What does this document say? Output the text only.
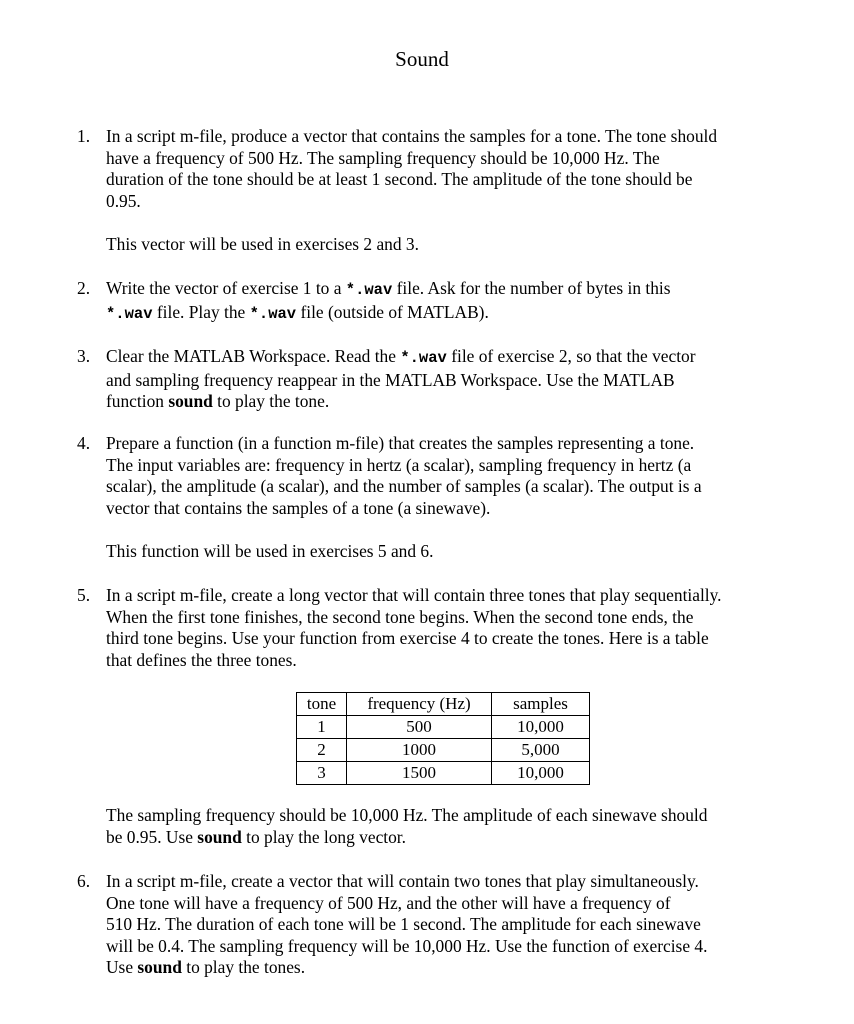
Sound
1. In a script m-file, produce a vector that contains the samples for a tone. The tone should

have a frequency of 500 Hz. The sampling frequency should be 10,000 Hz. The

duration of the tone should be at least 1 second. The amplitude of the tone should be

0.95.

This vector will be used in exercises 2 and 3.

2. Write the vector of exercise 1 to a *.wav file. Ask for the number of bytes in this

*.wav file. Play the *.wav file (outside of MATLAB).

3. Clear the MATLAB Workspace. Read the *.wav file of exercise 2, so that the vector

and sampling frequency reappear in the MATLAB Workspace. Use the MATLAB

function sound to play the tone.

4. Prepare a function (in a function m-file) that creates the samples representing a tone.

The input variables are: frequency in hertz (a scalar), sampling frequency in hertz (a

scalar), the amplitude (a scalar), and the number of samples (a scalar). The output is a

vector that contains the samples of a tone (a sinewave).

This function will be used in exercises 5 and 6.

5. In a script m-file, create a long vector that will contain three tones that play sequentially.

When the first tone finishes, the second tone begins. When the second tone ends, the

third tone begins. Use your function from exercise 4 to create the tones. Here is a table

that defines the three tones.

tone	frequency (Hz)	samples
1	500	10,000
2	1000	5,000
3	1500	10,000

The sampling frequency should be 10,000 Hz. The amplitude of each sinewave should

be 0.95. Use sound to play the long vector.

6. In a script m-file, create a vector that will contain two tones that play simultaneously.

One tone will have a frequency of 500 Hz, and the other will have a frequency of

510 Hz. The duration of each tone will be 1 second. The amplitude for each sinewave

will be 0.4. The sampling frequency will be 10,000 Hz. Use the function of exercise 4.

Use sound to play the tones.
